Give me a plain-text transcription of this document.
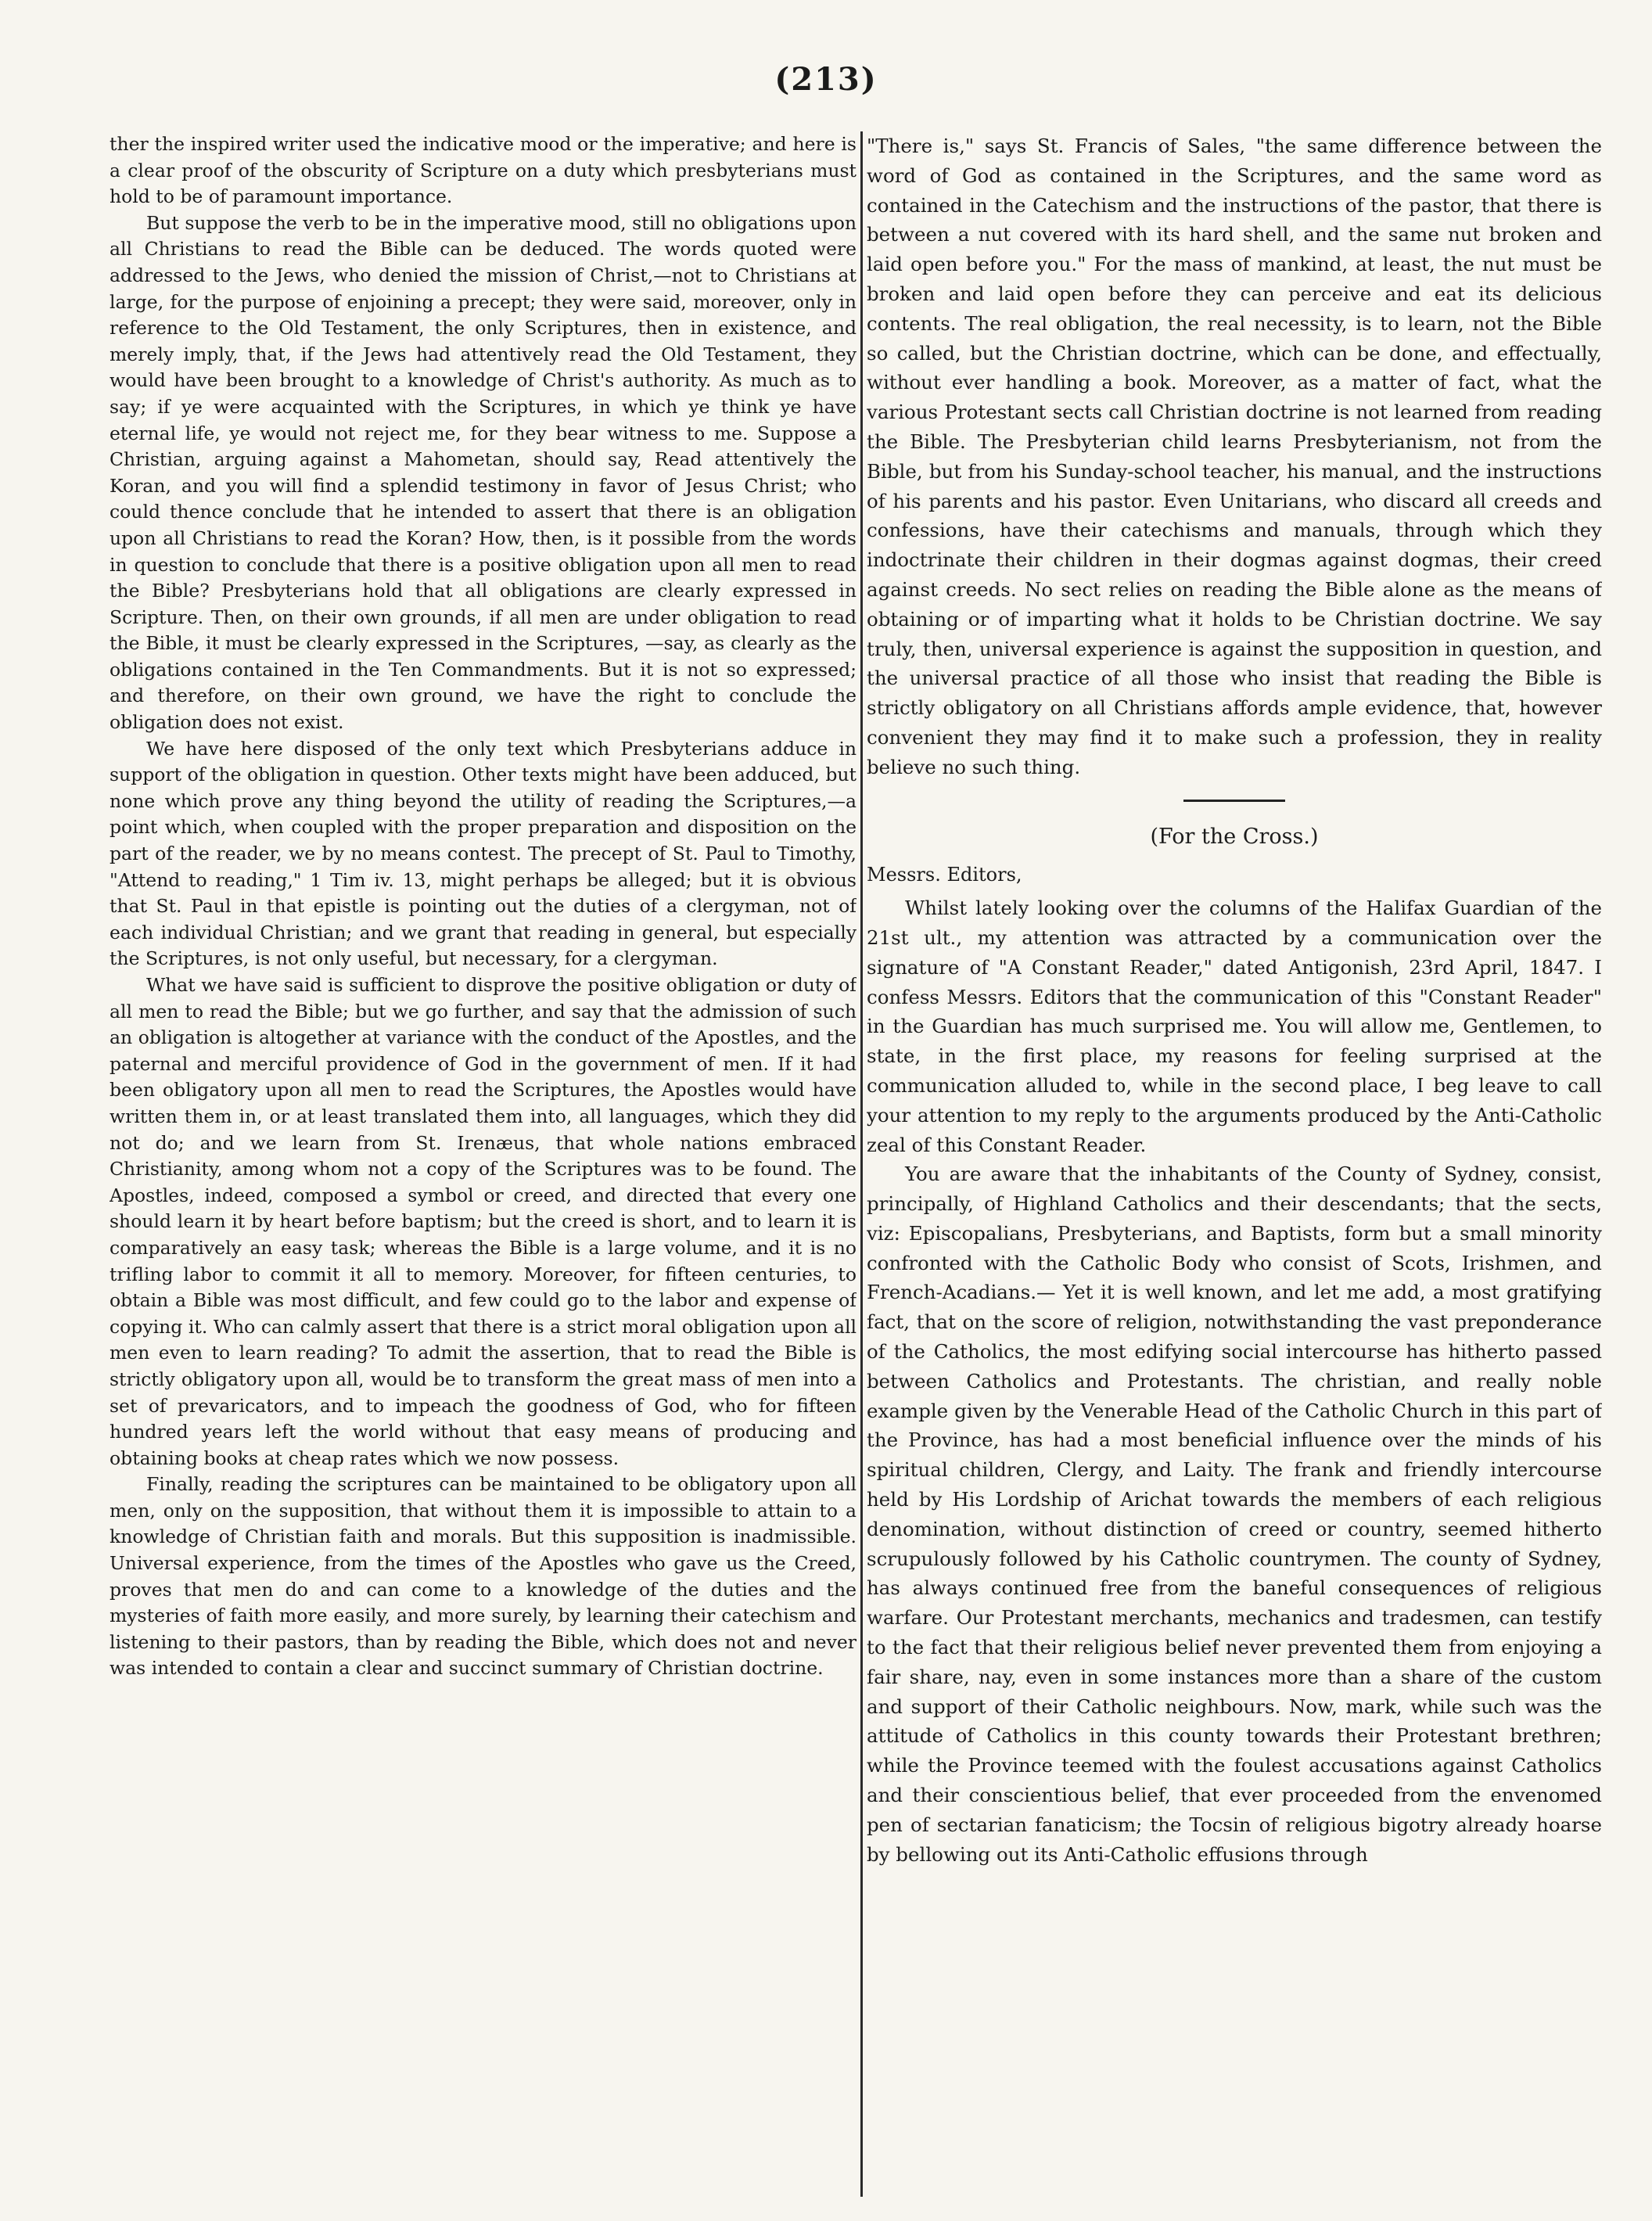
(213)

ther the inspired writer used the indicative mood or the imperative; and here is a clear proof of the obscurity of Scripture on a duty which presbyterians must hold to be of paramount importance.

But suppose the verb to be in the imperative mood, still no obligations upon all Christians to read the Bible can be deduced. The words quoted were addressed to the Jews, who denied the mission of Christ,—not to Christians at large, for the purpose of enjoining a precept; they were said, moreover, only in reference to the Old Testament, the only Scriptures, then in existence, and merely imply, that, if the Jews had attentively read the Old Testament, they would have been brought to a knowledge of Christ's authority. As much as to say; if ye were acquainted with the Scriptures, in which ye think ye have eternal life, ye would not reject me, for they bear witness to me. Suppose a Christian, arguing against a Mahometan, should say, Read attentively the Koran, and you will find a splendid testimony in favor of Jesus Christ; who could thence conclude that he intended to assert that there is an obligation upon all Christians to read the Koran? How, then, is it possible from the words in question to conclude that there is a positive obligation upon all men to read the Bible? Presbyterians hold that all obligations are clearly expressed in Scripture. Then, on their own grounds, if all men are under obligation to read the Bible, it must be clearly expressed in the Scriptures, —say, as clearly as the obligations contained in the Ten Commandments. But it is not so expressed; and therefore, on their own ground, we have the right to conclude the obligation does not exist.

We have here disposed of the only text which Presbyterians adduce in support of the obligation in question. Other texts might have been adduced, but none which prove any thing beyond the utility of reading the Scriptures,—a point which, when coupled with the proper preparation and disposition on the part of the reader, we by no means contest. The precept of St. Paul to Timothy, "Attend to reading," 1 Tim iv. 13, might perhaps be alleged; but it is obvious that St. Paul in that epistle is pointing out the duties of a clergyman, not of each individual Christian; and we grant that reading in general, but especially the Scriptures, is not only useful, but necessary, for a clergyman.

What we have said is sufficient to disprove the positive obligation or duty of all men to read the Bible; but we go further, and say that the admission of such an obligation is altogether at variance with the conduct of the Apostles, and the paternal and merciful providence of God in the government of men. If it had been obligatory upon all men to read the Scriptures, the Apostles would have written them in, or at least translated them into, all languages, which they did not do; and we learn from St. Irenæus, that whole nations embraced Christianity, among whom not a copy of the Scriptures was to be found. The Apostles, indeed, composed a symbol or creed, and directed that every one should learn it by heart before baptism; but the creed is short, and to learn it is comparatively an easy task; whereas the Bible is a large volume, and it is no trifling labor to commit it all to memory. Moreover, for fifteen centuries, to obtain a Bible was most difficult, and few could go to the labor and expense of copying it. Who can calmly assert that there is a strict moral obligation upon all men even to learn reading? To admit the assertion, that to read the Bible is strictly obligatory upon all, would be to transform the great mass of men into a set of prevaricators, and to impeach the goodness of God, who for fifteen hundred years left the world without that easy means of producing and obtaining books at cheap rates which we now possess.

Finally, reading the scriptures can be maintained to be obligatory upon all men, only on the supposition, that without them it is impossible to attain to a knowledge of Christian faith and morals. But this supposition is inadmissible. Universal experience, from the times of the Apostles who gave us the Creed, proves that men do and can come to a knowledge of the duties and the mysteries of faith more easily, and more surely, by learning their catechism and listening to their pastors, than by reading the Bible, which does not and never was intended to contain a clear and succinct summary of Christian doctrine.

"There is," says St. Francis of Sales, "the same difference between the word of God as contained in the Scriptures, and the same word as contained in the Catechism and the instructions of the pastor, that there is between a nut covered with its hard shell, and the same nut broken and laid open before you." For the mass of mankind, at least, the nut must be broken and laid open before they can perceive and eat its delicious contents. The real obligation, the real necessity, is to learn, not the Bible so called, but the Christian doctrine, which can be done, and effectually, without ever handling a book. Moreover, as a matter of fact, what the various Protestant sects call Christian doctrine is not learned from reading the Bible. The Presbyterian child learns Presbyterianism, not from the Bible, but from his Sunday-school teacher, his manual, and the instructions of his parents and his pastor. Even Unitarians, who discard all creeds and confessions, have their catechisms and manuals, through which they indoctrinate their children in their dogmas against dogmas, their creed against creeds. No sect relies on reading the Bible alone as the means of obtaining or of imparting what it holds to be Christian doctrine. We say truly, then, universal experience is against the supposition in question, and the universal practice of all those who insist that reading the Bible is strictly obligatory on all Christians affords ample evidence, that, however convenient they may find it to make such a profession, they in reality believe no such thing.

(For the Cross.)

Messrs. Editors,

Whilst lately looking over the columns of the Halifax Guardian of the 21st ult., my attention was attracted by a communication over the signature of "A Constant Reader," dated Antigonish, 23rd April, 1847. I confess Messrs. Editors that the communication of this "Constant Reader" in the Guardian has much surprised me. You will allow me, Gentlemen, to state, in the first place, my reasons for feeling surprised at the communication alluded to, while in the second place, I beg leave to call your attention to my reply to the arguments produced by the Anti-Catholic zeal of this Constant Reader.

You are aware that the inhabitants of the County of Sydney, consist, principally, of Highland Catholics and their descendants; that the sects, viz: Episcopalians, Presbyterians, and Baptists, form but a small minority confronted with the Catholic Body who consist of Scots, Irishmen, and French-Acadians.— Yet it is well known, and let me add, a most gratifying fact, that on the score of religion, notwithstanding the vast preponderance of the Catholics, the most edifying social intercourse has hitherto passed between Catholics and Protestants. The christian, and really noble example given by the Venerable Head of the Catholic Church in this part of the Province, has had a most beneficial influence over the minds of his spiritual children, Clergy, and Laity. The frank and friendly intercourse held by His Lordship of Arichat towards the members of each religious denomination, without distinction of creed or country, seemed hitherto scrupulously followed by his Catholic countrymen. The county of Sydney, has always continued free from the baneful consequences of religious warfare. Our Protestant merchants, mechanics and tradesmen, can testify to the fact that their religious belief never prevented them from enjoying a fair share, nay, even in some instances more than a share of the custom and support of their Catholic neighbours. Now, mark, while such was the attitude of Catholics in this county towards their Protestant brethren; while the Province teemed with the foulest accusations against Catholics and their conscientious belief, that ever proceeded from the envenomed pen of sectarian fanaticism; the Tocsin of religious bigotry already hoarse by bellowing out its Anti-Catholic effusions through
